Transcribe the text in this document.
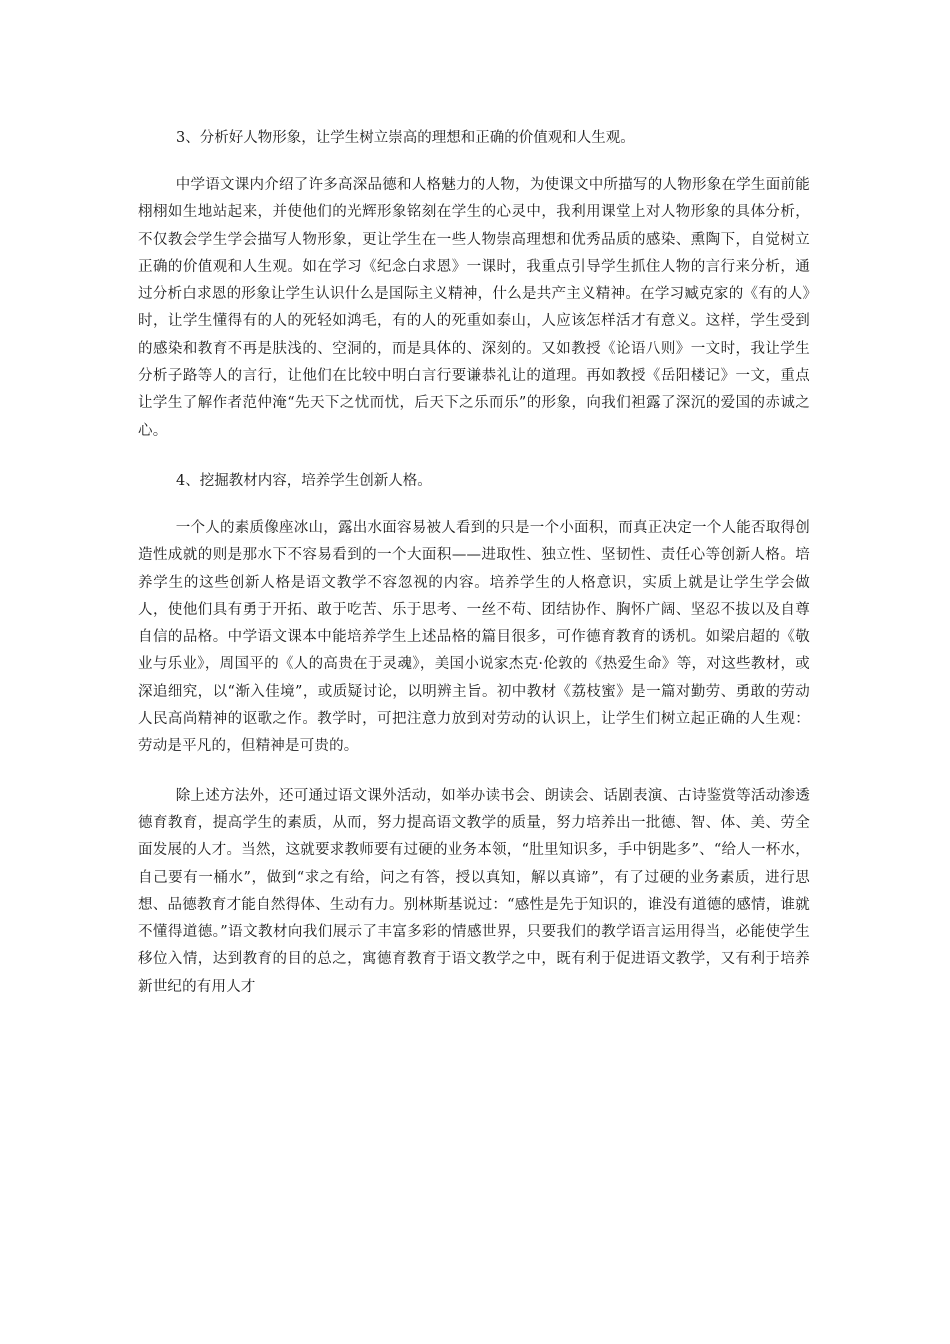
3、分析好人物形象，让学生树立崇高的理想和正确的价值观和人生观。

中学语文课内介绍了许多高深品德和人格魅力的人物，为使课文中所描写的人物形象在学生面前能栩栩如生地站起来，并使他们的光辉形象铭刻在学生的心灵中，我利用课堂上对人物形象的具体分析，不仅教会学生学会描写人物形象，更让学生在一些人物崇高理想和优秀品质的感染、熏陶下，自觉树立正确的价值观和人生观。如在学习《纪念白求恩》一课时，我重点引导学生抓住人物的言行来分析，通过分析白求恩的形象让学生认识什么是国际主义精神，什么是共产主义精神。在学习臧克家的《有的人》时，让学生懂得有的人的死轻如鸿毛，有的人的死重如泰山，人应该怎样活才有意义。这样，学生受到的感染和教育不再是肤浅的、空洞的，而是具体的、深刻的。又如教授《论语八则》一文时，我让学生分析子路等人的言行，让他们在比较中明白言行要谦恭礼让的道理。再如教授《岳阳楼记》一文，重点让学生了解作者范仲淹“先天下之忧而忧，后天下之乐而乐”的形象，向我们袒露了深沉的爱国的赤诚之心。

4、挖掘教材内容，培养学生创新人格。

一个人的素质像座冰山，露出水面容易被人看到的只是一个小面积，而真正决定一个人能否取得创造性成就的则是那水下不容易看到的一个大面积——进取性、独立性、坚韧性、责任心等创新人格。培养学生的这些创新人格是语文教学不容忽视的内容。培养学生的人格意识，实质上就是让学生学会做人，使他们具有勇于开拓、敢于吃苦、乐于思考、一丝不苟、团结协作、胸怀广阔、坚忍不拔以及自尊自信的品格。中学语文课本中能培养学生上述品格的篇目很多，可作德育教育的诱机。如梁启超的《敬业与乐业》，周国平的《人的高贵在于灵魂》，美国小说家杰克·伦敦的《热爱生命》等，对这些教材，或深追细究，以“渐入佳境”，或质疑讨论，以明辨主旨。初中教材《荔枝蜜》是一篇对勤劳、勇敢的劳动人民高尚精神的讴歌之作。教学时，可把注意力放到对劳动的认识上，让学生们树立起正确的人生观：劳动是平凡的，但精神是可贵的。

除上述方法外，还可通过语文课外活动，如举办读书会、朗读会、话剧表演、古诗鉴赏等活动渗透德育教育，提高学生的素质，从而，努力提高语文教学的质量，努力培养出一批德、智、体、美、劳全面发展的人才。当然，这就要求教师要有过硬的业务本领，“肚里知识多，手中钥匙多”、“给人一杯水，自己要有一桶水”，做到“求之有给，问之有答，授以真知，解以真谛”，有了过硬的业务素质，进行思想、品德教育才能自然得体、生动有力。别林斯基说过：“感性是先于知识的，谁没有道德的感情，谁就不懂得道德。”语文教材向我们展示了丰富多彩的情感世界，只要我们的教学语言运用得当，必能使学生移位入情，达到教育的目的总之，寓德育教育于语文教学之中，既有利于促进语文教学，又有利于培养新世纪的有用人才
